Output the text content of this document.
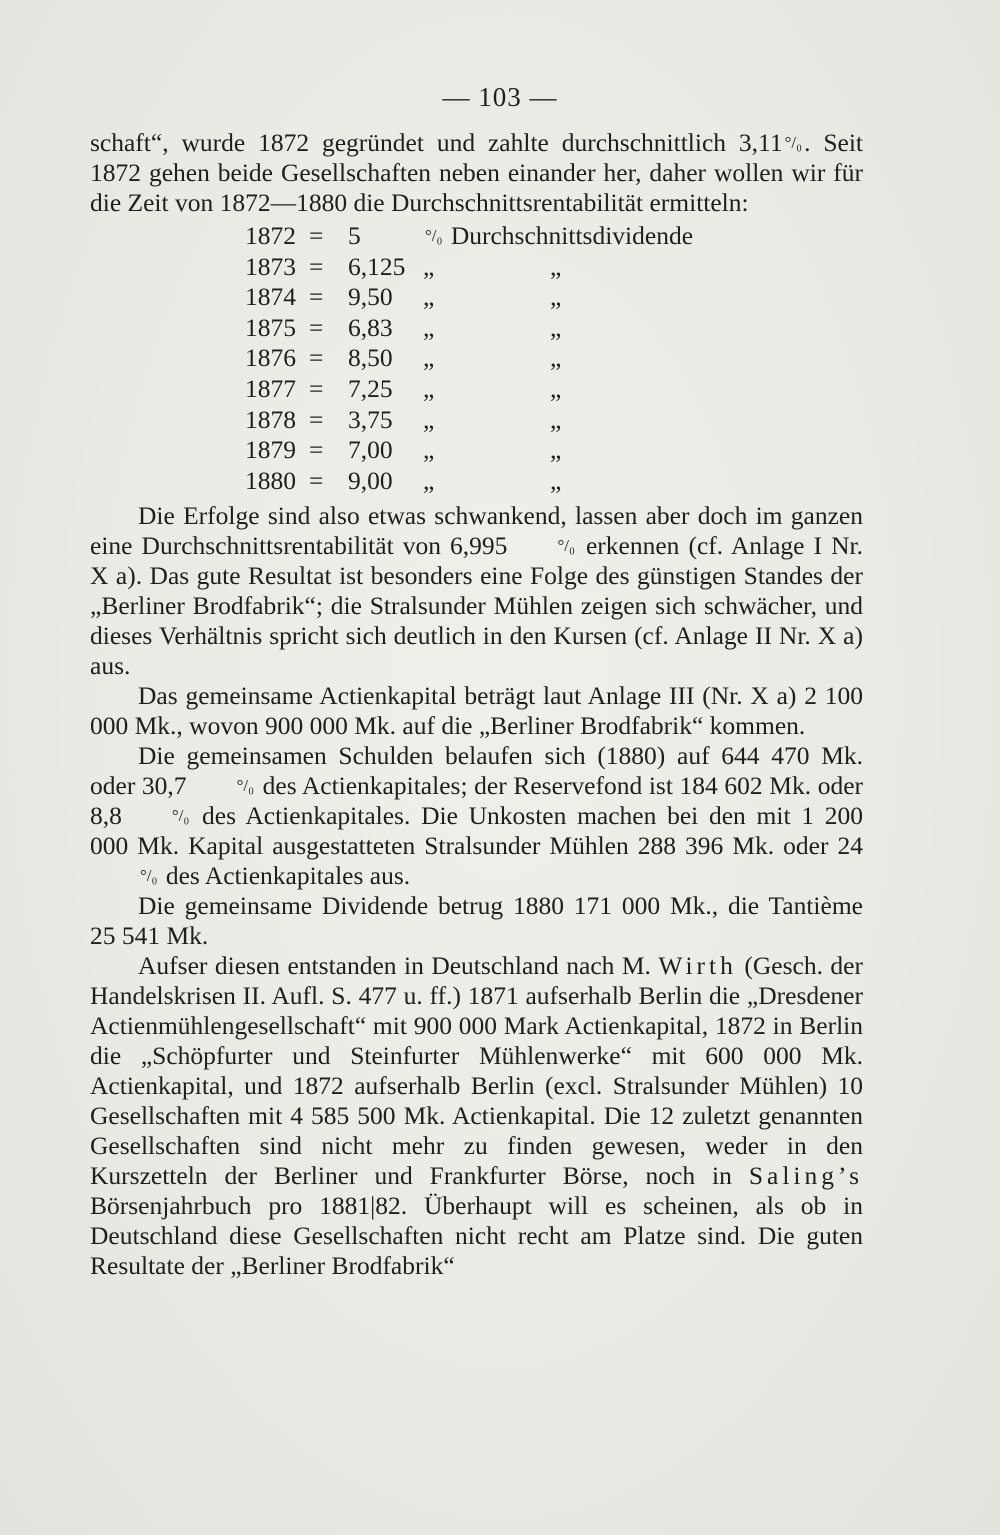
— 103 —

schaft“, wurde 1872 gegründet und zahlte durchschnittlich 3,11 °/₀. Seit 1872 gehen beide Gesellschaften neben einander her, daher wollen wir für die Zeit von 1872—1880 die Durchschnittsrentabilität ermitteln:

1872 = 5	°/₀ Durchschnittsdividende
1873 = 6,125 „	„
1874 = 9,50 „	„
1875 = 6,83 „	„
1876 = 8,50 „	„
1877 = 7,25 „	„
1878 = 3,75 „	„
1879 = 7,00 „	„
1880 = 9,00 „	„

Die Erfolge sind also etwas schwankend, lassen aber doch im ganzen eine Durchschnittsrentabilität von 6,995	°/₀ erkennen (cf. Anlage I Nr. X a). Das gute Resultat ist besonders eine Folge des günstigen Standes der „Berliner Brodfabrik“; die Stralsunder Mühlen zeigen sich schwächer, und dieses Verhältnis spricht sich deutlich in den Kursen (cf. Anlage II Nr. X a) aus.

Das gemeinsame Actienkapital beträgt laut Anlage III (Nr. X a) 2 100 000 Mk., wovon 900 000 Mk. auf die „Berliner Brodfabrik“ kommen.

Die gemeinsamen Schulden belaufen sich (1880) auf 644 470 Mk. oder 30,7	°/₀ des Actienkapitales; der Reservefond ist 184 602 Mk. oder 8,8	°/₀ des Actienkapitales. Die Unkosten machen bei den mit 1 200 000 Mk. Kapital ausgestatteten Stralsunder Mühlen 288 396 Mk. oder 24°/₀ des Actienkapitales aus.

Die gemeinsame Dividende betrug 1880 171 000 Mk., die Tantième 25 541 Mk.

Aufser diesen entstanden in Deutschland nach M. Wirth (Gesch. der Handelskrisen II. Aufl. S. 477 u. ff.) 1871 aufserhalb Berlin die „Dresdener Actienmühlengesellschaft“ mit 900 000 Mark Actienkapital, 1872 in Berlin die „Schöpfurter und Steinfurter Mühlenwerke“ mit 600 000 Mk. Actienkapital, und 1872 aufserhalb Berlin (excl. Stralsunder Mühlen) 10 Gesellschaften mit 4 585 500 Mk. Actienkapital. Die 12 zuletzt genannten Gesellschaften sind nicht mehr zu finden gewesen, weder in den Kurszetteln der Berliner und Frankfurter Börse, noch in Saling’s Börsenjahrbuch pro 1881|82. Überhaupt will es scheinen, als ob in Deutschland diese Gesellschaften nicht recht am Platze sind. Die guten Resultate der „Berliner Brodfabrik“
